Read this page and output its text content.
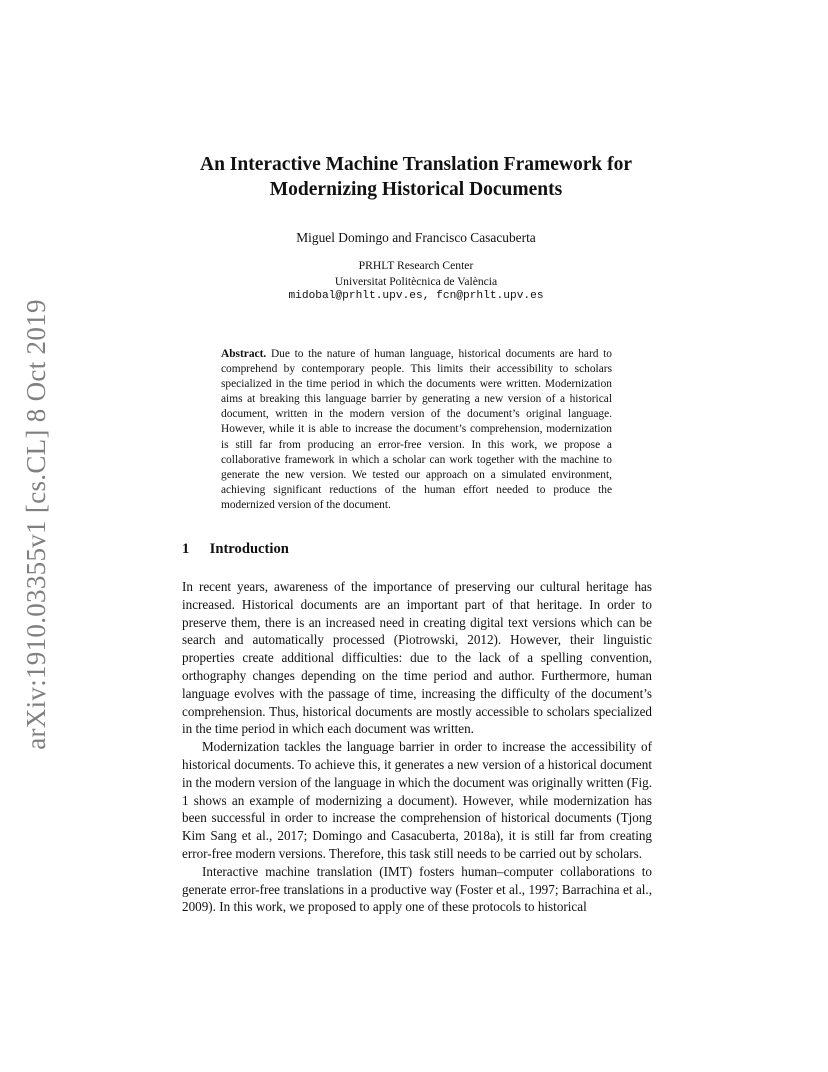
arXiv:1910.03355v1 [cs.CL] 8 Oct 2019
An Interactive Machine Translation Framework for
Modernizing Historical Documents
Miguel Domingo and Francisco Casacuberta
PRHLT Research Center
Universitat Politècnica de València
midobal@prhlt.upv.es, fcn@prhlt.upv.es
Abstract. Due to the nature of human language, historical documents are hard to comprehend by contemporary people. This limits their accessibility to scholars specialized in the time period in which the documents were written. Modernization aims at breaking this language barrier by generating a new version of a historical document, written in the modern version of the document’s original language. However, while it is able to increase the document’s comprehension, modernization is still far from producing an error-free version. In this work, we propose a collaborative framework in which a scholar can work together with the machine to generate the new version. We tested our approach on a simulated environment, achieving significant reductions of the human effort needed to produce the modernized version of the document.
1 Introduction

In recent years, awareness of the importance of preserving our cultural heritage has increased. Historical documents are an important part of that heritage. In order to preserve them, there is an increased need in creating digital text versions which can be search and automatically processed (Piotrowski, 2012). However, their linguistic properties create additional difficulties: due to the lack of a spelling convention, orthography changes depending on the time period and author. Furthermore, human language evolves with the passage of time, increasing the difficulty of the document’s comprehension. Thus, historical documents are mostly accessible to scholars specialized in the time period in which each document was written.

Modernization tackles the language barrier in order to increase the accessibility of historical documents. To achieve this, it generates a new version of a historical document in the modern version of the language in which the document was originally written (Fig. 1 shows an example of modernizing a document). However, while modernization has been successful in order to increase the comprehension of historical documents (Tjong Kim Sang et al., 2017; Domingo and Casacuberta, 2018a), it is still far from creating error-free modern versions. Therefore, this task still needs to be carried out by scholars.

Interactive machine translation (IMT) fosters human–computer collaborations to generate error-free translations in a productive way (Foster et al., 1997; Barrachina et al., 2009). In this work, we proposed to apply one of these protocols to historical
